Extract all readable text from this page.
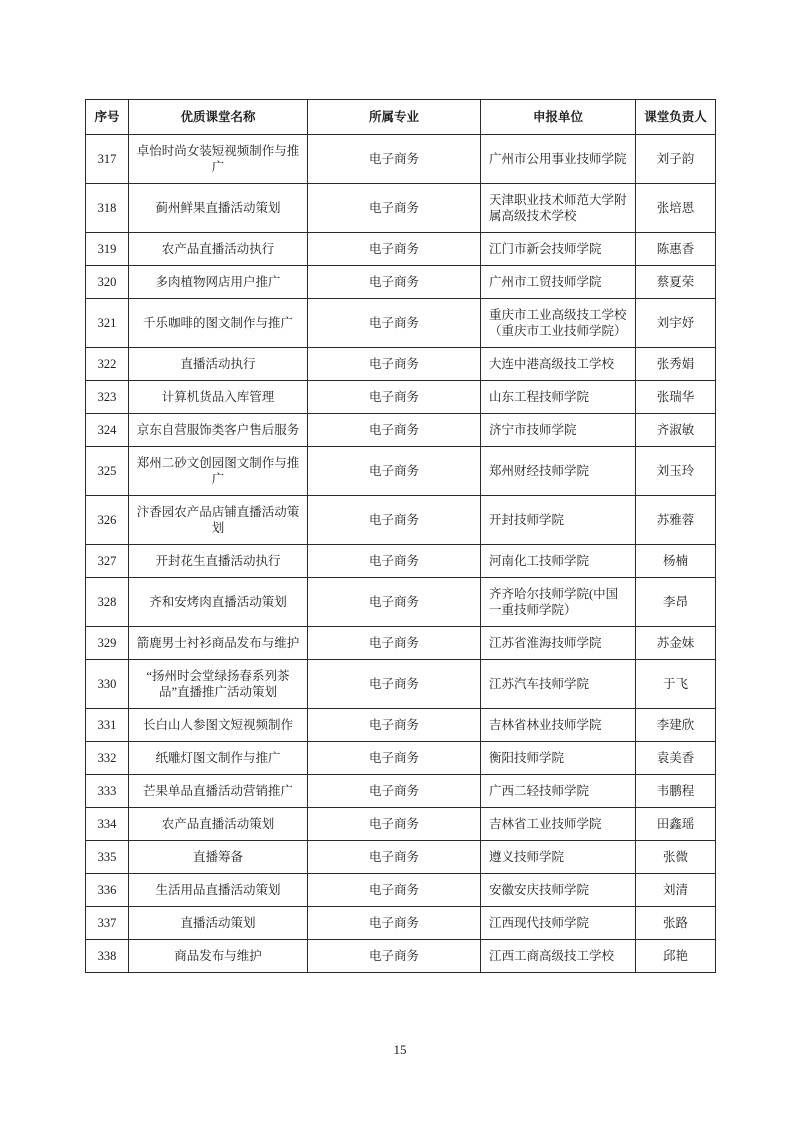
序号	优质课堂名称	所属专业	申报单位	课堂负责人
317	卓怡时尚女装短视频制作与推广	电子商务	广州市公用事业技师学院	刘子韵
318	蓟州鲜果直播活动策划	电子商务	天津职业技术师范大学附属高级技术学校	张培恩
319	农产品直播活动执行	电子商务	江门市新会技师学院	陈惠香
320	多肉植物网店用户推广	电子商务	广州市工贸技师学院	蔡夏荣
321	千乐咖啡的图文制作与推广	电子商务	重庆市工业高级技工学校（重庆市工业技师学院）	刘宇妤
322	直播活动执行	电子商务	大连中港高级技工学校	张秀娟
323	计算机货品入库管理	电子商务	山东工程技师学院	张瑞华
324	京东自营服饰类客户售后服务	电子商务	济宁市技师学院	齐淑敏
325	郑州二砂文创园图文制作与推广	电子商务	郑州财经技师学院	刘玉玲
326	汴香园农产品店铺直播活动策划	电子商务	开封技师学院	苏雅蓉
327	开封花生直播活动执行	电子商务	河南化工技师学院	杨楠
328	齐和安烤肉直播活动策划	电子商务	齐齐哈尔技师学院(中国一重技师学院）	李昂
329	箭鹿男士衬衫商品发布与维护	电子商务	江苏省淮海技师学院	苏金妹
330	“扬州时会堂绿扬春系列茶品”直播推广活动策划	电子商务	江苏汽车技师学院	于飞
331	长白山人参图文短视频制作	电子商务	吉林省林业技师学院	李建欣
332	纸雕灯图文制作与推广	电子商务	衡阳技师学院	袁美香
333	芒果单品直播活动营销推广	电子商务	广西二轻技师学院	韦鹏程
334	农产品直播活动策划	电子商务	吉林省工业技师学院	田鑫瑶
335	直播筹备	电子商务	遵义技师学院	张微
336	生活用品直播活动策划	电子商务	安徽安庆技师学院	刘清
337	直播活动策划	电子商务	江西现代技师学院	张路
338	商品发布与维护	电子商务	江西工商高级技工学校	邱艳
15
